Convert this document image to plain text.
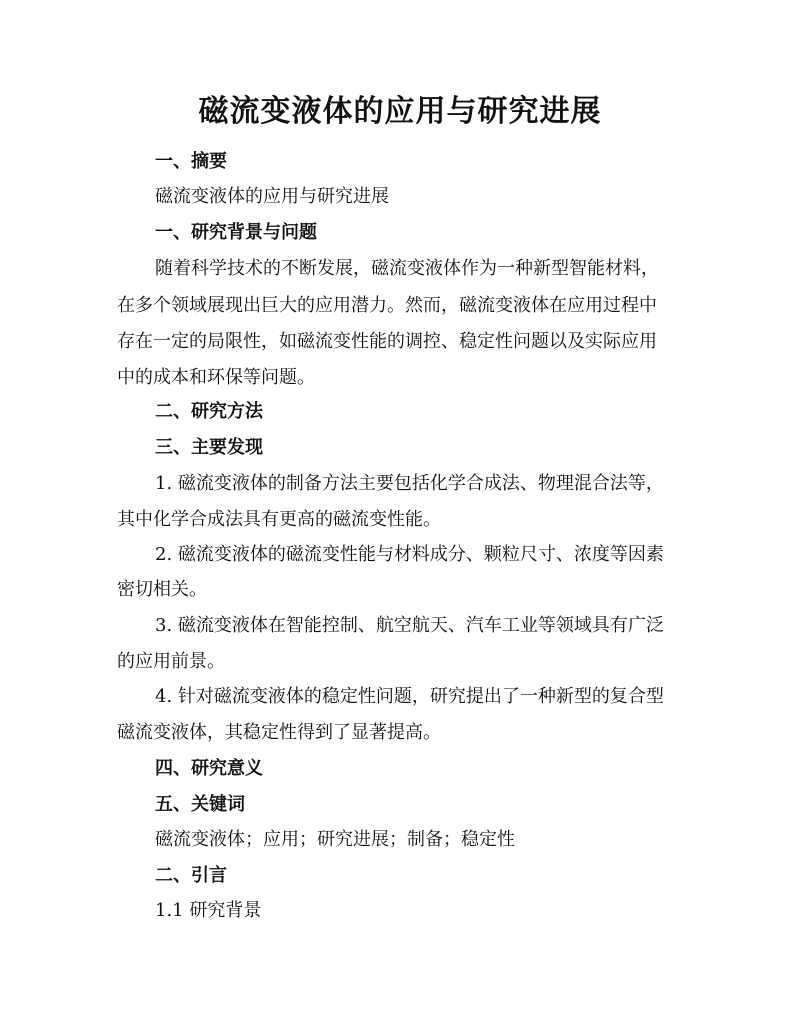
磁流变液体的应用与研究进展
一、摘要
磁流变液体的应用与研究进展
一、研究背景与问题
随着科学技术的不断发展，磁流变液体作为一种新型智能材料，
在多个领域展现出巨大的应用潜力。然而，磁流变液体在应用过程中
存在一定的局限性，如磁流变性能的调控、稳定性问题以及实际应用
中的成本和环保等问题。
二、研究方法
三、主要发现
1. 磁流变液体的制备方法主要包括化学合成法、物理混合法等，
其中化学合成法具有更高的磁流变性能。
2. 磁流变液体的磁流变性能与材料成分、颗粒尺寸、浓度等因素
密切相关。
3. 磁流变液体在智能控制、航空航天、汽车工业等领域具有广泛
的应用前景。
4. 针对磁流变液体的稳定性问题，研究提出了一种新型的复合型
磁流变液体，其稳定性得到了显著提高。
四、研究意义
五、关键词
磁流变液体；应用；研究进展；制备；稳定性
二、引言
1.1 研究背景
